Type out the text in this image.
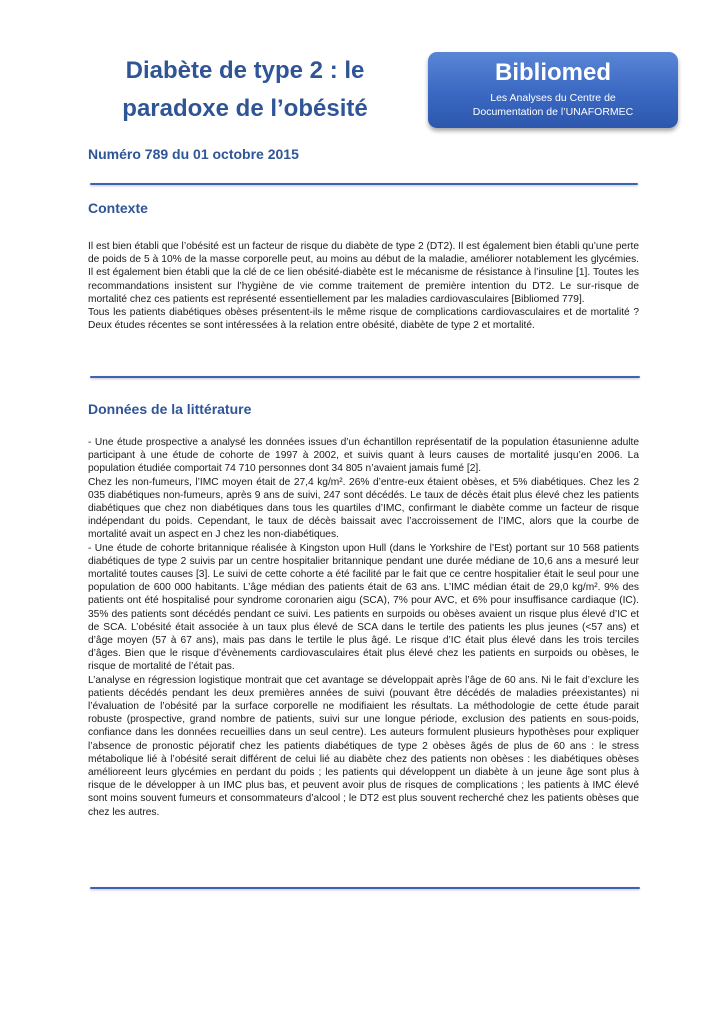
Diabète de type 2 : le
paradoxe de l’obésité
Bibliomed
Les Analyses du Centre de
Documentation de l’UNAFORMEC
Numéro 789 du 01 octobre 2015
Contexte

Il est bien établi que l’obésité est un facteur de risque du diabète de type 2 (DT2). Il est également bien établi qu’une perte de poids de 5 à 10% de la masse corporelle peut, au moins au début de la maladie, améliorer notablement les glycémies. Il est également bien établi que la clé de ce lien obésité-diabète est le mécanisme de résistance à l’insuline [1]. Toutes les recommandations insistent sur l’hygiène de vie comme traitement de première intention du DT2. Le sur-risque de mortalité chez ces patients est représenté essentiellement par les maladies cardiovasculaires [Bibliomed 779].

Tous les patients diabétiques obèses présentent-ils le même risque de complications cardiovasculaires et de mortalité ? Deux études récentes se sont intéressées à la relation entre obésité, diabète de type 2 et mortalité.

Données de la littérature

- Une étude prospective a analysé les données issues d’un échantillon représentatif de la population étasunienne adulte participant à une étude de cohorte de 1997 à 2002, et suivis quant à leurs causes de mortalité jusqu’en 2006. La population étudiée comportait 74 710 personnes dont 34 805 n’avaient jamais fumé [2].

Chez les non-fumeurs, l’IMC moyen était de 27,4 kg/m². 26% d’entre-eux étaient obèses, et 5% diabétiques. Chez les 2 035 diabétiques non-fumeurs, après 9 ans de suivi, 247 sont décédés. Le taux de décès était plus élevé chez les patients diabétiques que chez non diabétiques dans tous les quartiles d’IMC, confirmant le diabète comme un facteur de risque indépendant du poids. Cependant, le taux de décès baissait avec l’accroissement de l’IMC, alors que la courbe de mortalité avait un aspect en J chez les non-diabétiques.

- Une étude de cohorte britannique réalisée à Kingston upon Hull (dans le Yorkshire de l’Est) portant sur 10 568 patients diabétiques de type 2 suivis par un centre hospitalier britannique pendant une durée médiane de 10,6 ans a mesuré leur mortalité toutes causes [3]. Le suivi de cette cohorte a été facilité par le fait que ce centre hospitalier était le seul pour une population de 600 000 habitants. L’âge médian des patients était de 63 ans. L’IMC médian était de 29,0 kg/m². 9% des patients ont été hospitalisé pour syndrome coronarien aigu (SCA), 7% pour AVC, et 6% pour insuffisance cardiaque (IC). 35% des patients sont décédés pendant ce suivi. Les patients en surpoids ou obèses avaient un risque plus élevé d’IC et de SCA. L’obésité était associée à un taux plus élevé de SCA dans le tertile des patients les plus jeunes (<57 ans) et d’âge moyen (57 à 67 ans), mais pas dans le tertile le plus âgé. Le risque d’IC était plus élevé dans les trois terciles d’âges. Bien que le risque d’évènements cardiovasculaires était plus élevé chez les patients en surpoids ou obèses, le risque de mortalité de l’était pas.

L’analyse en régression logistique montrait que cet avantage se développait après l’âge de 60 ans. Ni le fait d’exclure les patients décédés pendant les deux premières années de suivi (pouvant être décédés de maladies préexistantes) ni l’évaluation de l’obésité par la surface corporelle ne modifiaient les résultats. La méthodologie de cette étude parait robuste (prospective, grand nombre de patients, suivi sur une longue période, exclusion des patients en sous-poids, confiance dans les données recueillies dans un seul centre). Les auteurs formulent plusieurs hypothèses pour expliquer l’absence de pronostic péjoratif chez les patients diabétiques de type 2 obèses âgés de plus de 60 ans : le stress métabolique lié à l’obésité serait différent de celui lié au diabète chez des patients non obèses : les diabétiques obèses amélioreent leurs glycémies en perdant du poids ; les patients qui développent un diabète à un jeune âge sont plus à risque de le développer à un IMC plus bas, et peuvent avoir plus de risques de complications ; les patients à IMC élevé sont moins souvent fumeurs et consommateurs d’alcool ; le DT2 est plus souvent recherché chez les patients obèses que chez les autres.
